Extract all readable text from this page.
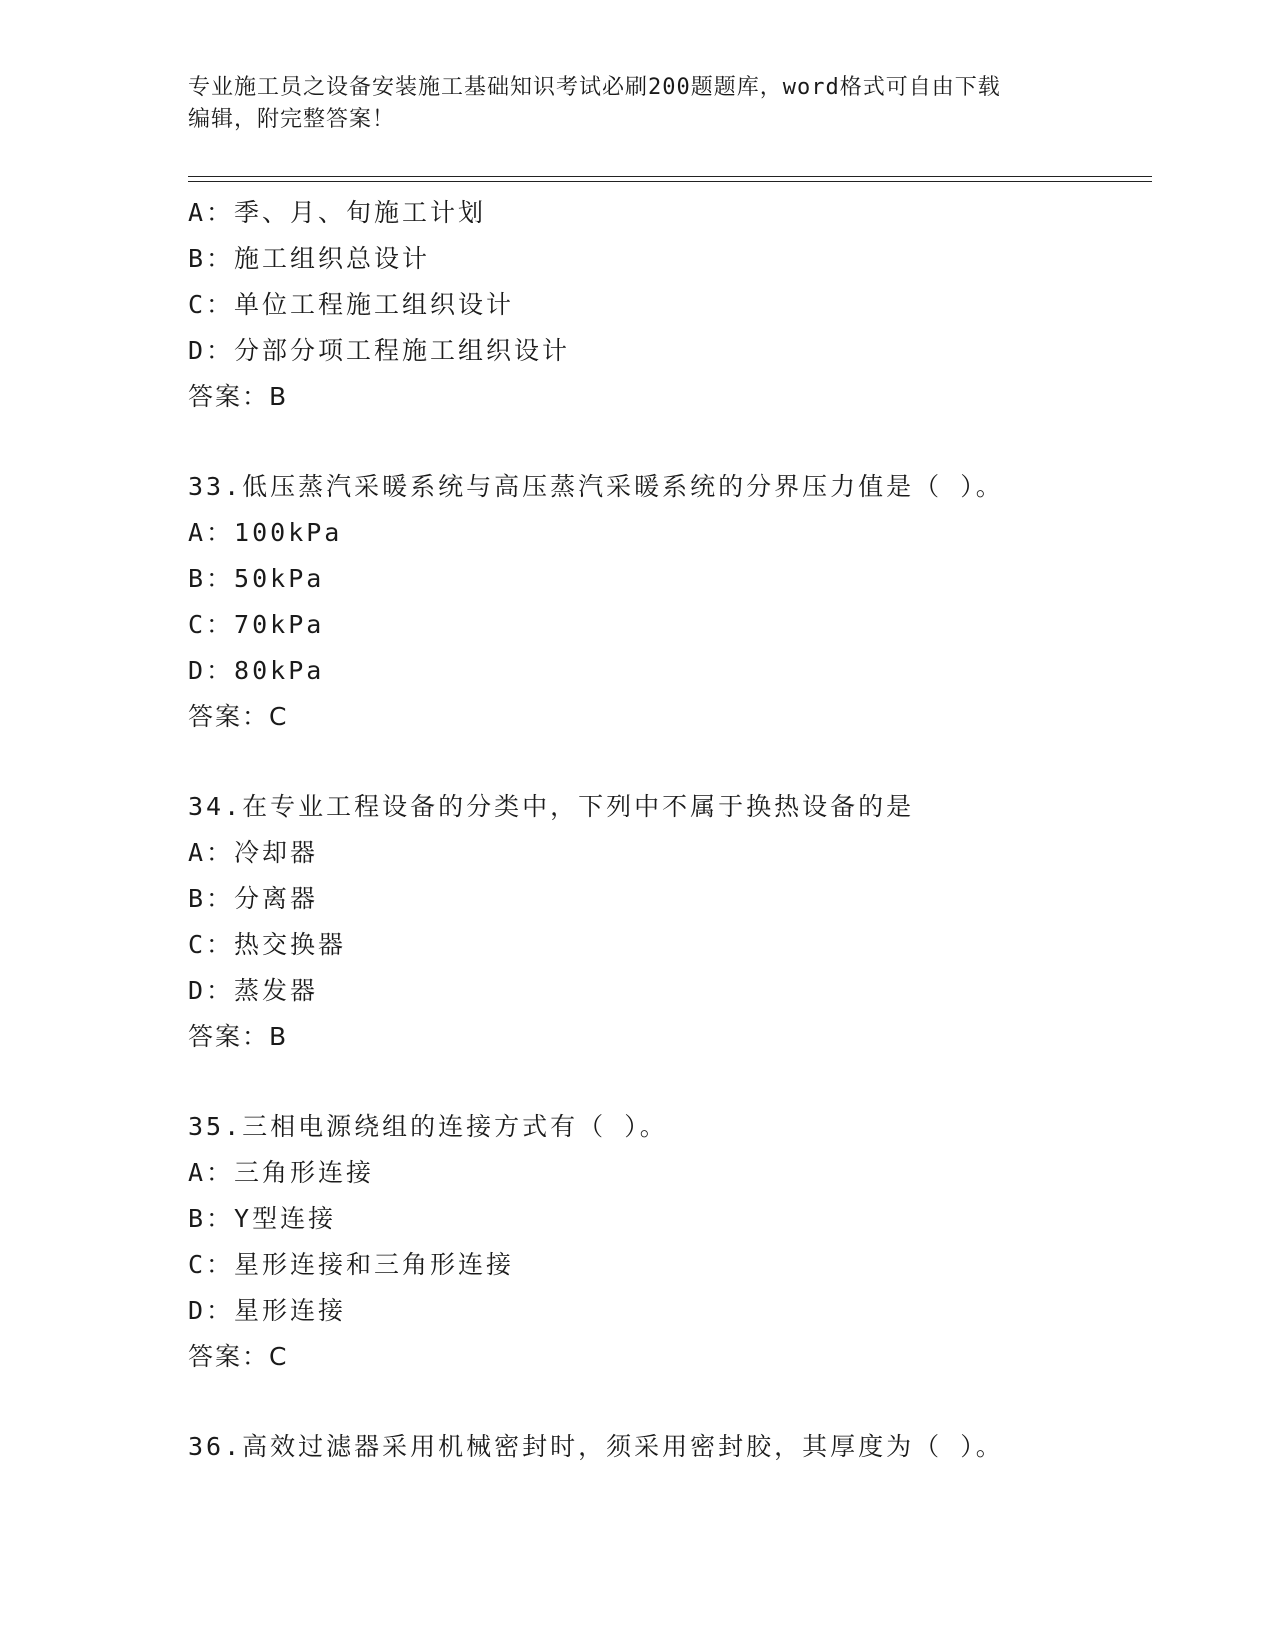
专业施工员之设备安装施工基础知识考试必刷200题题库，word格式可自由下载
编辑，附完整答案！
A：季、月、旬施工计划
B：施工组织总设计
C：单位工程施工组织设计
D：分部分项工程施工组织设计
答案：B
33.低压蒸汽采暖系统与高压蒸汽采暖系统的分界压力值是（ ）。
A：100kPa
B：50kPa
C：70kPa
D：80kPa
答案：C
34.在专业工程设备的分类中，下列中不属于换热设备的是
A：冷却器
B：分离器
C：热交换器
D：蒸发器
答案：B
35.三相电源绕组的连接方式有（ ）。
A：三角形连接
B：Y型连接
C：星形连接和三角形连接
D：星形连接
答案：C
36.高效过滤器采用机械密封时，须采用密封胶，其厚度为（ ）。
